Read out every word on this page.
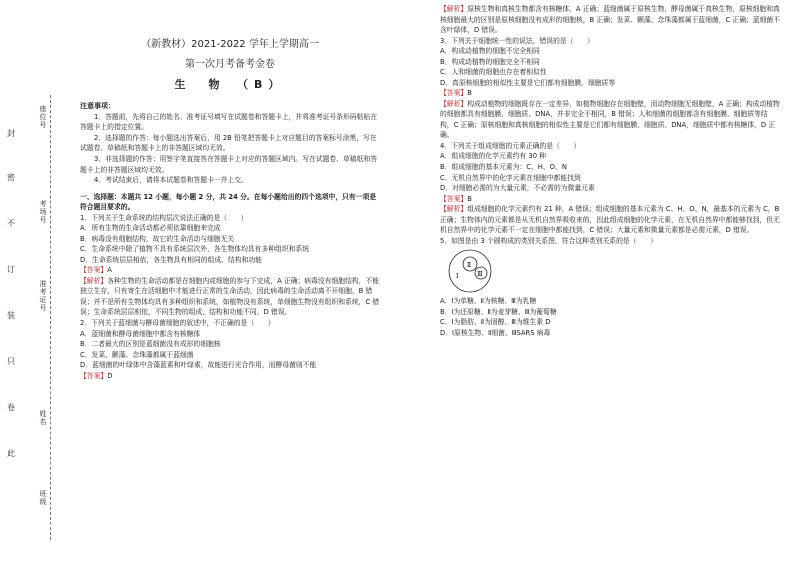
座位号
考场号
准考证号
姓名
班级
封
密
不
订
装
只
卷
此

（新教材）2021-2022 学年上学期高一

第一次月考备考金卷

生　物　（B）

注意事项：

1．答题前，先将自己的姓名、准考证号填写在试题卷和答题卡上，并将准考证号条形码粘贴在答题卡上的指定位置。

2．选择题的作答：每小题选出答案后，用 2B 铅笔把答题卡上对应题目的答案标号涂黑，写在试题卷、草稿纸和答题卡上的非答题区域均无效。

3．非选择题的作答：用签字笔直接答在答题卡上对应的答题区域内。写在试题卷、草稿纸和答题卡上的非答题区域均无效。

4．考试结束后，请将本试题卷和答题卡一并上交。

一、选择题：本题共 12 小题，每小题 2 分，共 24 分。在每小题给出的四个选项中，只有一项是符合题目要求的。

1．下列关于生命系统的结构层次说法正确的是（　　）

A．所有生物的生命活动都必须依靠细胞来完成

B．病毒没有细胞结构，故它的生命活动与细胞无关

C．生命系统中除了植物不具有系统层次外，各生物体均具有多种组织和系统

D．生命系统层层相依，各生物具有相同的组成、结构和功能

【答案】A

【解析】各种生物的生命活动都是在细胞内或细胞的参与下完成，A 正确；病毒没有细胞结构，不能独立生存，只有寄生在活细胞中才能进行正常的生命活动，因此病毒的生命活动离不开细胞，B 错误；并不是所有生物体均具有多种组织和系统，如植物没有系统，单细胞生物没有组织和系统，C 错误；生命系统层层相依，不同生物的组成、结构和功能不同，D 错误。

2．下列关于蓝细菌与酵母菌细胞的叙述中，不正确的是（　　）

A．蓝细菌和酵母菌细胞中都含有核糖体

B．二者最大的区别是蓝细菌没有成形的细胞核

C．发菜、颤藻、念珠藻都属于蓝细菌

D．蓝细菌的叶绿体中含藻蓝素和叶绿素，故能进行光合作用，而酵母菌则不能

【答案】D

【解析】原核生物和真核生物都含有核糖体，A 正确；蓝细菌属于原核生物，酵母菌属于真核生物，原核细胞和真核细胞最大的区别是原核细胞没有成形的细胞核，B 正确；发菜、颤藻、念珠藻都属于蓝细菌，C 正确；蓝细菌不含叶绿体，D 错误。

3．下列关于细胞统一性的说法，错误的是（　　）

A．构成动植物的细胞不完全相同

B．构成动植物的细胞完全不相同

C．人和细菌的细胞也存在着相似性

D．真原核细胞的相似性主要是它们都有细胞膜、细胞质等

【答案】B

【解析】构成动植物的细胞既存在一定差异，如植物细胞存在细胞壁，而动物细胞无细胞壁，A 正确；构成动植物的细胞都具有细胞膜、细胞质、DNA，并非完全不相同，B 错误；人和细菌的细胞都含有细胞膜、细胞质等结构，C 正确；原核细胞和真核细胞的相似性主要是它们都有细胞膜、细胞质、DNA，细胞质中都有核糖体，D 正确。

4．下列关于组成细胞的元素正确的是（　　）

A．组成细胞的化学元素约有 30 种

B．组成细胞的基本元素为：C、H、O、N

C．无机自然界中的化学元素在细胞中都能找到

D．对细胞必需的为大量元素，不必需的为微量元素

【答案】B

【解析】组成细胞的化学元素约有 21 种，A 错误；组成细胞的基本元素为 C、H、O、N，最基本的元素为 C，B 正确；生物体内的元素都是从无机自然界吸收来的，因此组成细胞的化学元素，在无机自然界中都能够找到，但无机自然界中的化学元素不一定在细胞中都能找到，C 错误；大量元素和微量元素都是必需元素，D 错误。

5．如图是由 3 个圆构成的类别关系图，符合这种类别关系的是（　　）

Ⅰ
Ⅱ
Ⅲ

A．Ⅰ为单糖、Ⅱ为核糖、Ⅲ为乳糖

B．Ⅰ为还原糖、Ⅱ为麦芽糖、Ⅲ为葡萄糖

C．Ⅰ为脂肪、Ⅱ为固醇、Ⅲ为维生素 D

D．Ⅰ原核生物、Ⅱ细菌、ⅢSARS 病毒
